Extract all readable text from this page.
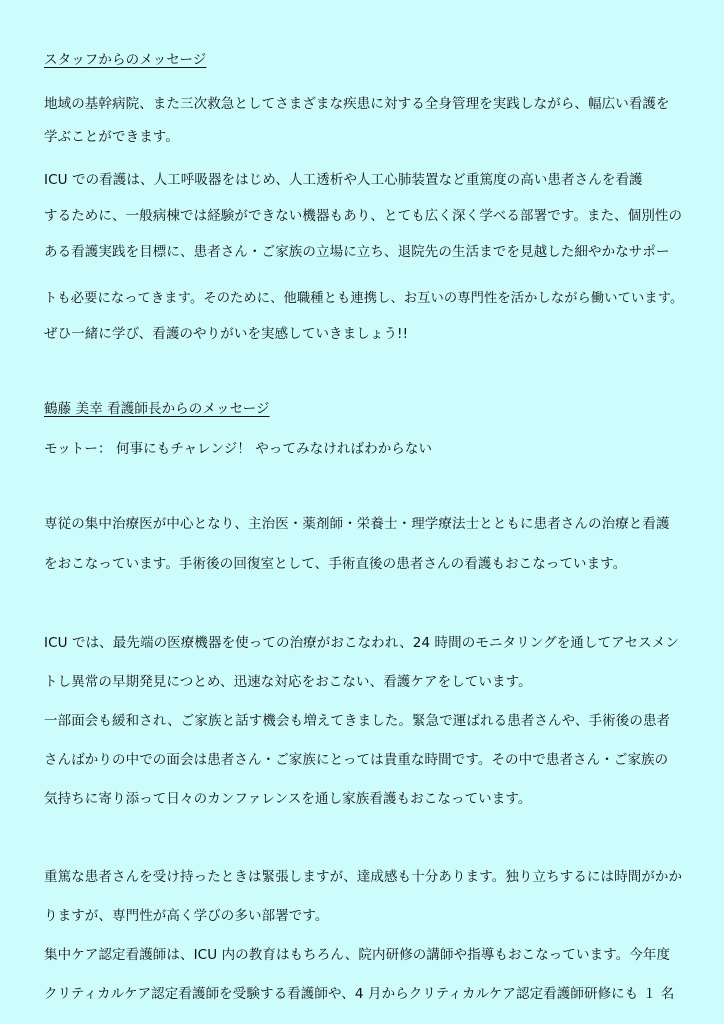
スタッフからのメッセージ

地域の基幹病院、また三次救急としてさまざまな疾患に対する全身管理を実践しながら、幅広い看護を

学ぶことができます。

ICU での看護は、人工呼吸器をはじめ、人工透析や人工心肺装置など重篤度の高い患者さんを看護

するために、一般病棟では経験ができない機器もあり、とても広く深く学べる部署です。また、個別性の

ある看護実践を目標に、患者さん・ご家族の立場に立ち、退院先の生活までを見越した細やかなサポー

トも必要になってきます。そのために、他職種とも連携し、お互いの専門性を活かしながら働いています。

ぜひ一緒に学び、看護のやりがいを実感していきましょう!!

鶴藤 美幸 看護師長からのメッセージ

モットー： 何事にもチャレンジ！ やってみなければわからない

専従の集中治療医が中心となり、主治医・薬剤師・栄養士・理学療法士とともに患者さんの治療と看護

をおこなっています。手術後の回復室として、手術直後の患者さんの看護もおこなっています。

ICU では、最先端の医療機器を使っての治療がおこなわれ、24 時間のモニタリングを通してアセスメン

トし異常の早期発見につとめ、迅速な対応をおこない、看護ケアをしています。

一部面会も緩和され、ご家族と話す機会も増えてきました。緊急で運ばれる患者さんや、手術後の患者

さんばかりの中での面会は患者さん・ご家族にとっては貴重な時間です。その中で患者さん・ご家族の

気持ちに寄り添って日々のカンファレンスを通し家族看護もおこなっています。

重篤な患者さんを受け持ったときは緊張しますが、達成感も十分あります。独り立ちするには時間がかか

りますが、専門性が高く学びの多い部署です。

集中ケア認定看護師は、ICU 内の教育はもちろん、院内研修の講師や指導もおこなっています。今年度

クリティカルケア認定看護師を受験する看護師や、4 月からクリティカルケア認定看護師研修にも １ 名
